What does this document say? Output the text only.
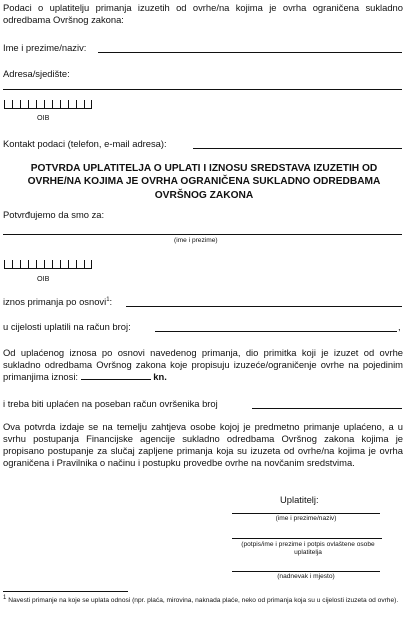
Podaci o uplatitelju primanja izuzetih od ovrhe/na kojima je ovrha ograničena sukladno odredbama Ovršnog zakona:
Ime i prezime/naziv:
Adresa/sjedište:
OIB
Kontakt podaci (telefon, e-mail adresa):
POTVRDA UPLATITELJA O UPLATI I IZNOSU SREDSTAVA IZUZETIH OD OVRHE/NA KOJIMA JE OVRHA OGRANIČENA SUKLADNO ODREDBAMA OVRŠNOG ZAKONA
Potvrđujemo da smo za:
(ime i prezime)
OIB
iznos primanja po osnovi$^1$:
u cijelosti uplatili na račun broj:	,
Od uplaćenog iznosa po osnovi navedenog primanja, dio primitka koji je izuzet od ovrhe sukladno odredbama Ovršnog zakona koje propisuju izuzeće/ograničenje ovrhe na pojedinim primanjima iznosi:	kn.
i treba biti uplaćen na poseban račun ovršenika broj
Ova potvrda izdaje se na temelju zahtjeva osobe kojoj je predmetno primanje uplaćeno, a u svrhu postupanja Financijske agencije sukladno odredbama Ovršnog zakona kojima je propisano postupanje za slučaj zapljene primanja koja su izuzeta od ovrhe/na kojima je ovrha ograničena i Pravilnika o načinu i postupku provedbe ovrhe na novčanim sredstvima.
Uplatitelj:
(ime i prezime/naziv)
(potpis/ime i prezime i potpis ovlaštene osobe
uplatitelja
(nadnevak i mjesto)
$^1$ Navesti primanje na koje se uplata odnosi (npr. plaća, mirovina, naknada plaće, neko od primanja koja su u cijelosti izuzeta od ovrhe).
